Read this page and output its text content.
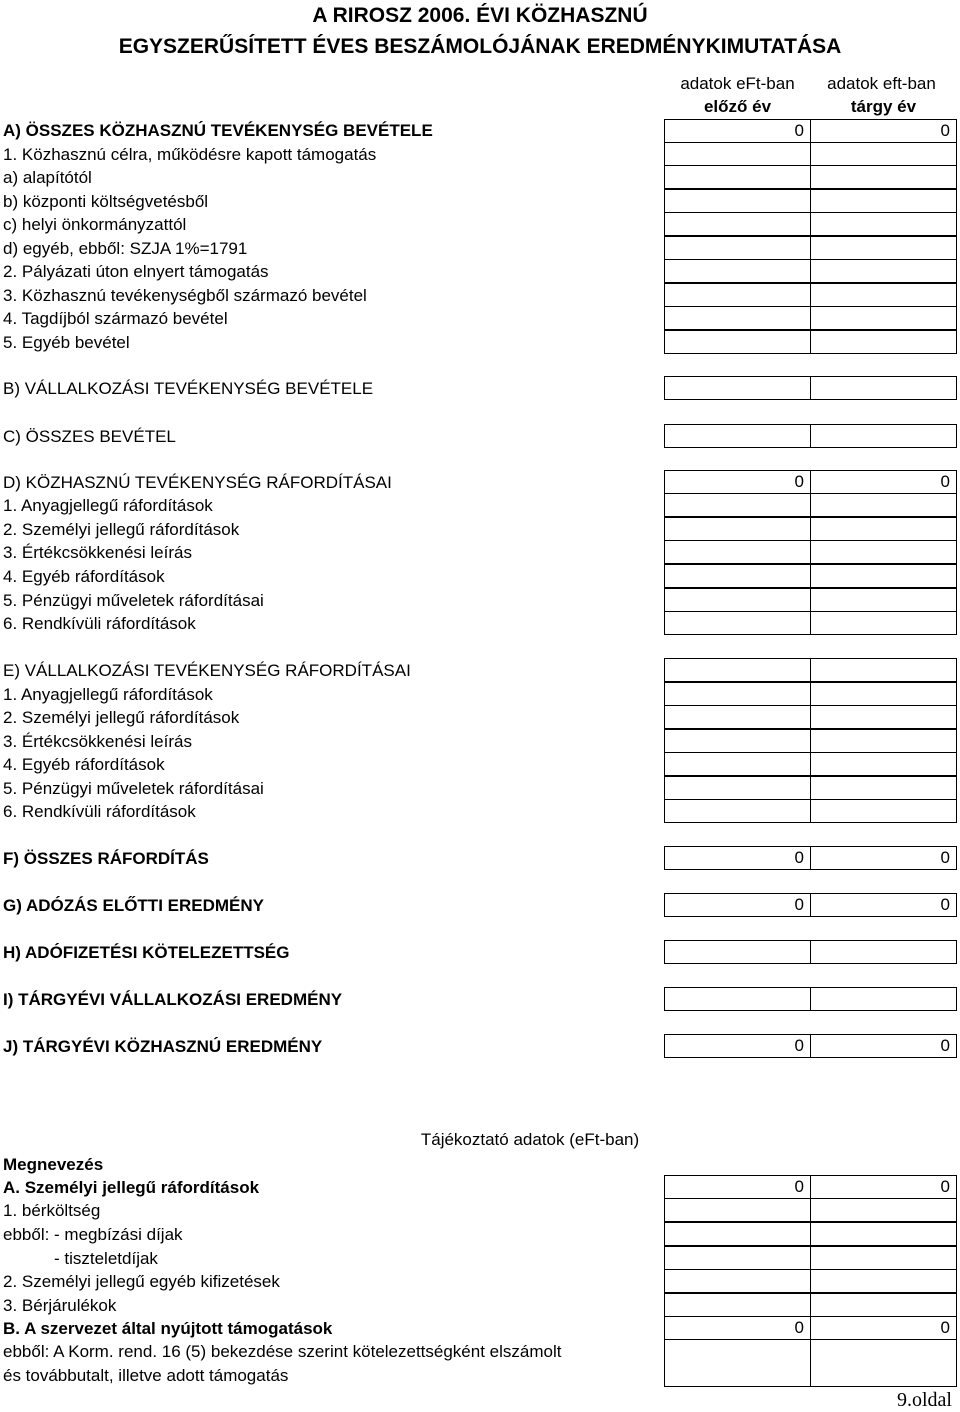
A RIROSZ 2006. ÉVI KÖZHASZNÚ
EGYSZERŰSÍTETT ÉVES BESZÁMOLÓJÁNAK EREDMÉNYKIMUTATÁSA
adatok eFt-ban	adatok eft-ban
előző év	tárgy év
A) ÖSSZES KÖZHASZNÚ TEVÉKENYSÉG BEVÉTELE	0	0
1. Közhasznú célra, működésre kapott támogatás
a) alapítótól
b) központi költségvetésből
c) helyi önkormányzattól
d) egyéb, ebből: SZJA 1%=1791
2. Pályázati úton elnyert támogatás
3. Közhasznú tevékenységből származó bevétel
4. Tagdíjból származó bevétel
5. Egyéb bevétel
B) VÁLLALKOZÁSI TEVÉKENYSÉG BEVÉTELE
C) ÖSSZES BEVÉTEL
D) KÖZHASZNÚ TEVÉKENYSÉG RÁFORDÍTÁSAI	0	0
1. Anyagjellegű ráfordítások
2. Személyi jellegű ráfordítások
3. Értékcsökkenési leírás
4. Egyéb ráfordítások
5. Pénzügyi műveletek ráfordításai
6. Rendkívüli ráfordítások
E) VÁLLALKOZÁSI TEVÉKENYSÉG RÁFORDÍTÁSAI
1. Anyagjellegű ráfordítások
2. Személyi jellegű ráfordítások
3. Értékcsökkenési leírás
4. Egyéb ráfordítások
5. Pénzügyi műveletek ráfordításai
6. Rendkívüli ráfordítások
F) ÖSSZES RÁFORDÍTÁS	0	0
G) ADÓZÁS ELŐTTI EREDMÉNY	0	0
H) ADÓFIZETÉSI KÖTELEZETTSÉG
I) TÁRGYÉVI VÁLLALKOZÁSI EREDMÉNY
J) TÁRGYÉVI KÖZHASZNÚ EREDMÉNY	0	0
Tájékoztató adatok (eFt-ban)
Megnevezés
A. Személyi jellegű ráfordítások	0	0
1. bérköltség
ebből: - megbízási díjak
- tiszteletdíjak
2. Személyi jellegű egyéb kifizetések
3. Bérjárulékok
B. A szervezet által nyújtott támogatások	0	0
ebből: A Korm. rend. 16 (5) bekezdése szerint kötelezettségként elszámolt
és továbbutalt, illetve adott támogatás
9.oldal
